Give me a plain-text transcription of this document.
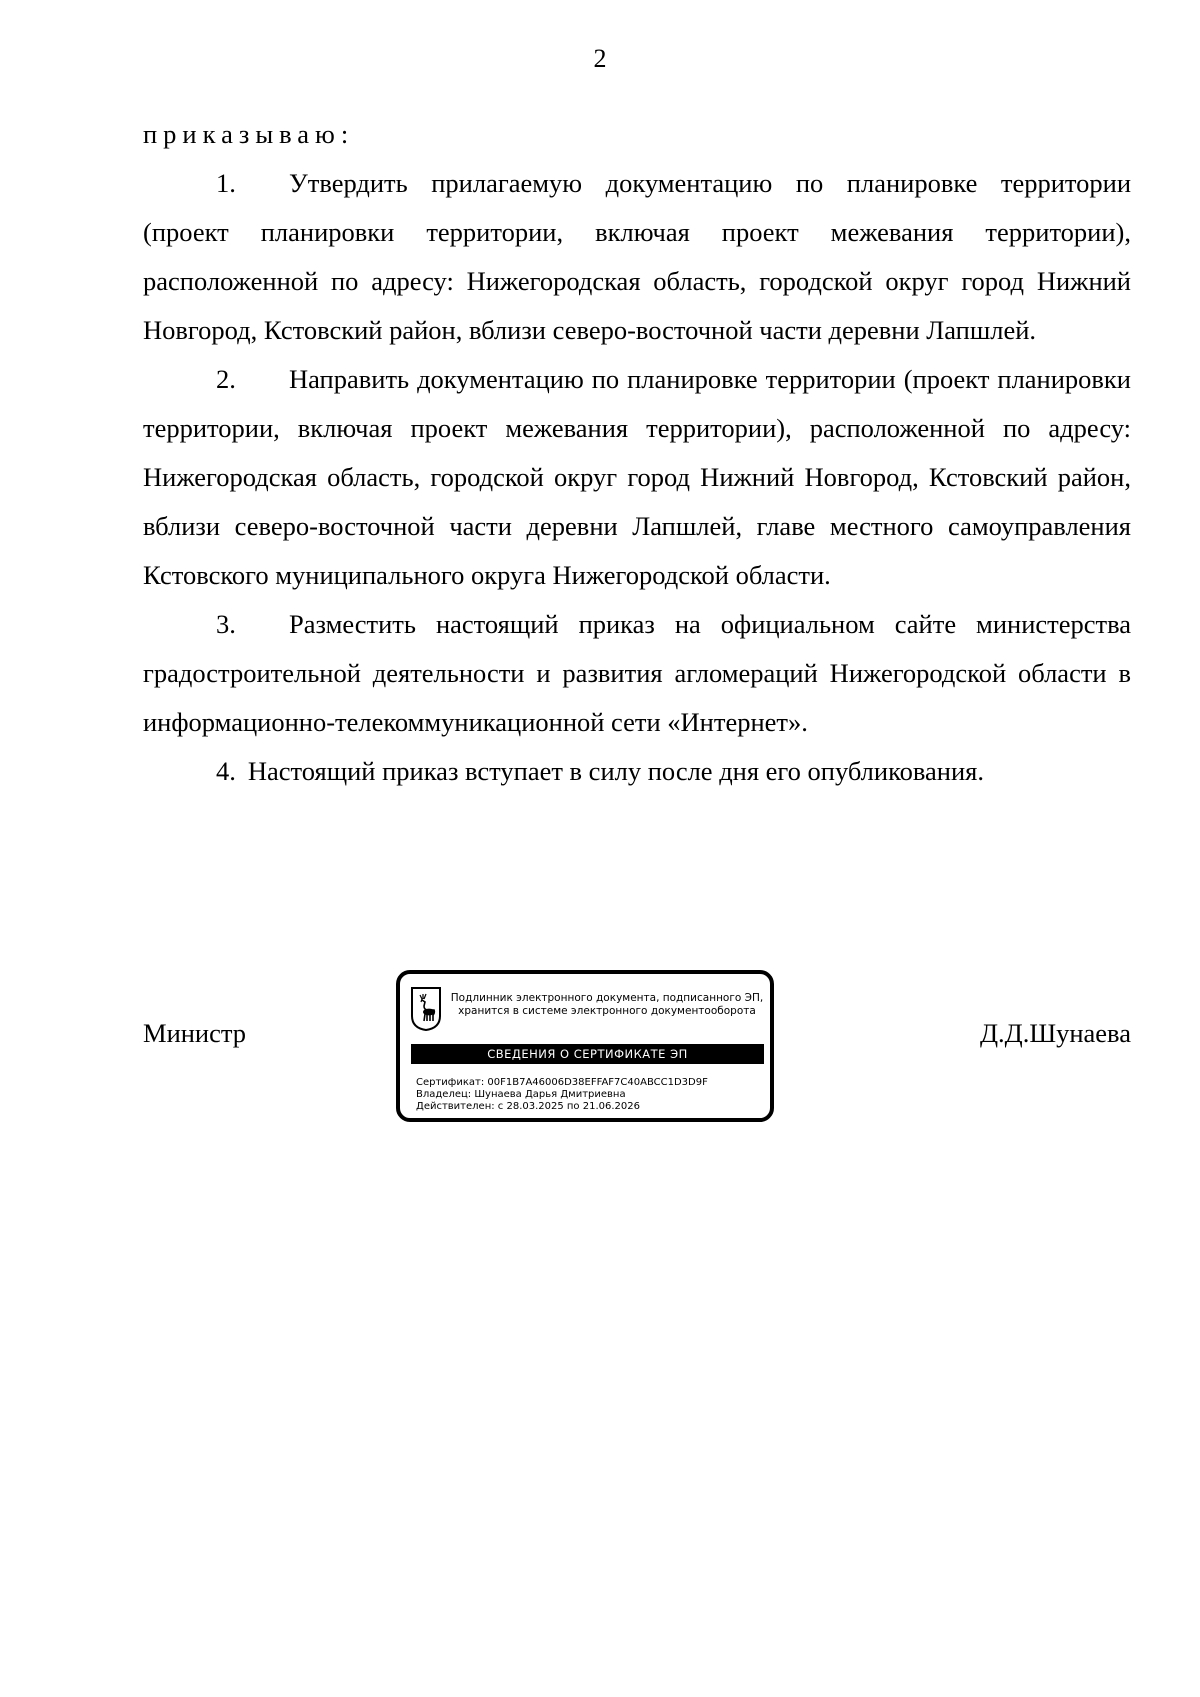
2

приказываю:

1. Утвердить прилагаемую документацию по планировке территории (проект планировки территории, включая проект межевания территории), расположенной по адресу: Нижегородская область, городской округ город Нижний Новгород, Кстовский район, вблизи северо-восточной части деревни Лапшлей.

2. Направить документацию по планировке территории (проект планировки территории, включая проект межевания территории), расположенной по адресу: Нижегородская область, городской округ город Нижний Новгород, Кстовский район, вблизи северо-восточной части деревни Лапшлей, главе местного самоуправления Кстовского муниципального округа Нижегородской области.

3. Разместить настоящий приказ на официальном сайте министерства градостроительной деятельности и развития агломераций Нижегородской области в информационно-телекоммуникационной сети «Интернет».

4. Настоящий приказ вступает в силу после дня его опубликования.

Министр
Подлинник электронного документа, подписанного ЭП,
хранится в системе электронного документооборота
СВЕДЕНИЯ О СЕРТИФИКАТЕ ЭП
Сертификат: 00F1B7A46006D38EFFAF7C40ABCC1D3D9F
Владелец: Шунаева Дарья Дмитриевна
Действителен: с 28.03.2025 по 21.06.2026
Д.Д.Шунаева
